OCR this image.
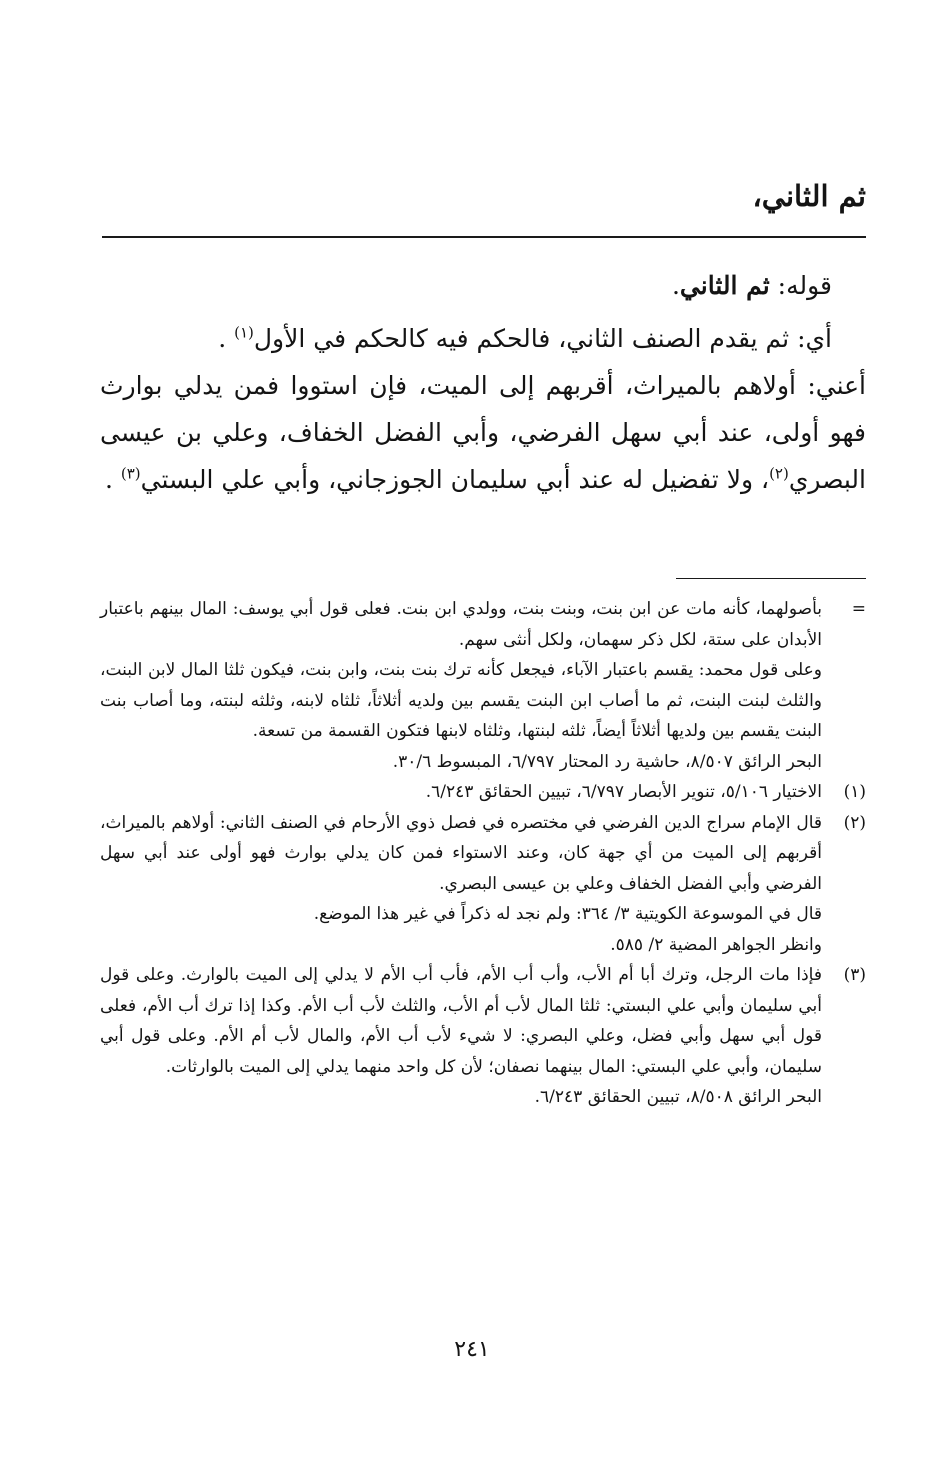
ثم الثاني،

قوله: ثم الثاني.

أي: ثم يقدم الصنف الثاني، فالحكم فيه كالحكم في الأول$^{(١)}$ .

أعني: أولاهم بالميراث، أقربهم إلى الميت، فإن استووا فمن يدلي بوارث فهو أولى، عند أبي سهل الفرضي، وأبي الفضل الخفاف، وعلي بن عيسى البصري$^{(٢)}$، ولا تفضيل له عند أبي سليمان الجوزجاني، وأبي علي البستي$^{(٣)}$ .

=

بأصولهما، كأنه مات عن ابن بنت، وبنت بنت، وولدي ابن بنت. فعلى قول أبي يوسف: المال بينهم باعتبار الأبدان على ستة، لكل ذكر سهمان، ولكل أنثى سهم.

وعلى قول محمد: يقسم باعتبار الآباء، فيجعل كأنه ترك بنت بنت، وابن بنت، فيكون ثلثا المال لابن البنت، والثلث لبنت البنت، ثم ما أصاب ابن البنت يقسم بين ولديه أثلاثاً، ثلثاه لابنه، وثلثه لبنته، وما أصاب بنت البنت يقسم بين ولديها أثلاثاً أيضاً، ثلثه لبنتها، وثلثاه لابنها فتكون القسمة من تسعة.

البحر الرائق ٨/٥٠٧، حاشية رد المحتار ٦/٧٩٧، المبسوط ٣٠/٦.

(١)

الاختيار ٥/١٠٦، تنوير الأبصار ٦/٧٩٧، تبيين الحقائق ٦/٢٤٣.

(٢)

قال الإمام سراج الدين الفرضي في مختصره في فصل ذوي الأرحام في الصنف الثاني: أولاهم بالميراث، أقربهم إلى الميت من أي جهة كان، وعند الاستواء فمن كان يدلي بوارث فهو أولى عند أبي سهل الفرضي وأبي الفضل الخفاف وعلي بن عيسى البصري.

قال في الموسوعة الكويتية ٣/ ٣٦٤: ولم نجد له ذكراً في غير هذا الموضع.

وانظر الجواهر المضية ٢/ ٥٨٥.

(٣)

فإذا مات الرجل، وترك أبا أم الأب، وأب أب الأم، فأب أب الأم لا يدلي إلى الميت بالوارث. وعلى قول أبي سليمان وأبي علي البستي: ثلثا المال لأب أم الأب، والثلث لأب أب الأم. وكذا إذا ترك أب الأم، فعلى قول أبي سهل وأبي فضل، وعلي البصري: لا شيء لأب أب الأم، والمال لأب أم الأم. وعلى قول أبي سليمان، وأبي علي البستي: المال بينهما نصفان؛ لأن كل واحد منهما يدلي إلى الميت بالوارثات.

البحر الرائق ٨/٥٠٨، تبيين الحقائق ٦/٢٤٣.

٢٤١
